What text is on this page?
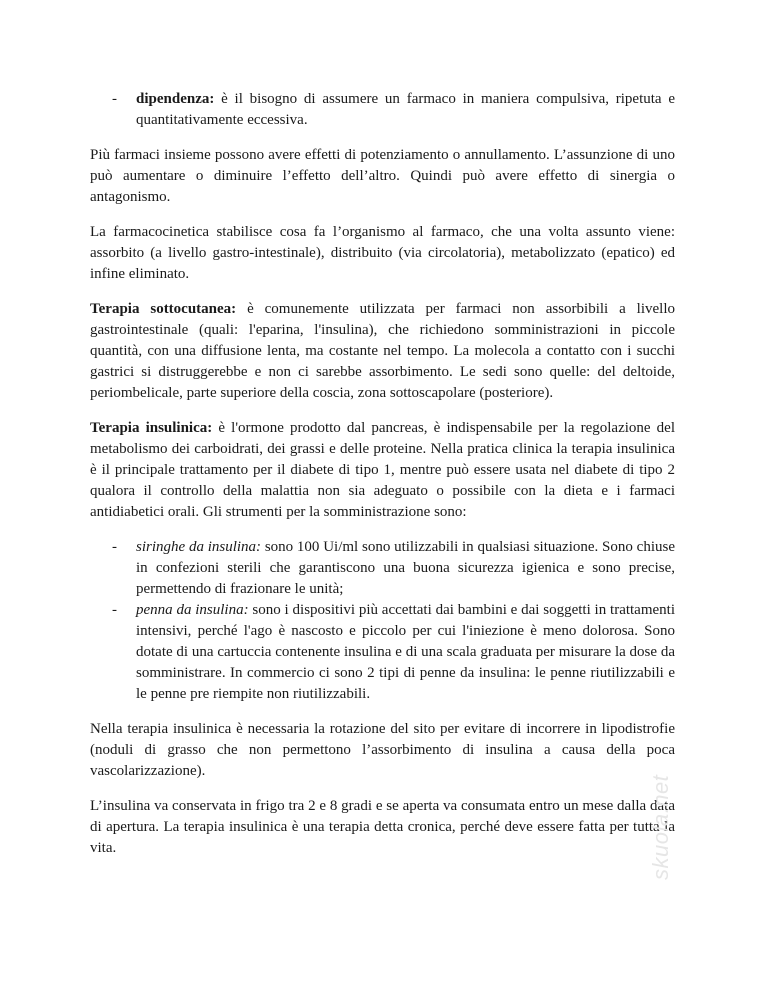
- dipendenza: è il bisogno di assumere un farmaco in maniera compulsiva, ripetuta e quantitativamente eccessiva.

Più farmaci insieme possono avere effetti di potenziamento o annullamento. L’assunzione di uno può aumentare o diminuire l’effetto dell’altro. Quindi può avere effetto di sinergia o antagonismo.

La farmacocinetica stabilisce cosa fa l’organismo al farmaco, che una volta assunto viene: assorbito (a livello gastro-intestinale), distribuito (via circolatoria), metabolizzato (epatico) ed infine eliminato.

Terapia sottocutanea: è comunemente utilizzata per farmaci non assorbibili a livello gastrointestinale (quali: l'eparina, l'insulina), che richiedono somministrazioni in piccole quantità, con una diffusione lenta, ma costante nel tempo. La molecola a contatto con i succhi gastrici si distruggerebbe e non ci sarebbe assorbimento. Le sedi sono quelle: del deltoide, periombelicale, parte superiore della coscia, zona sottoscapolare (posteriore).

Terapia insulinica: è l'ormone prodotto dal pancreas, è indispensabile per la regolazione del metabolismo dei carboidrati, dei grassi e delle proteine. Nella pratica clinica la terapia insulinica è il principale trattamento per il diabete di tipo 1, mentre può essere usata nel diabete di tipo 2 qualora il controllo della malattia non sia adeguato o possibile con la dieta e i farmaci antidiabetici orali. Gli strumenti per la somministrazione sono:

- siringhe da insulina: sono 100 Ui/ml sono utilizzabili in qualsiasi situazione. Sono chiuse in confezioni sterili che garantiscono una buona sicurezza igienica e sono precise, permettendo di frazionare le unità;
- penna da insulina: sono i dispositivi più accettati dai bambini e dai soggetti in trattamenti intensivi, perché l'ago è nascosto e piccolo per cui l'iniezione è meno dolorosa. Sono dotate di una cartuccia contenente insulina e di una scala graduata per misurare la dose da somministrare. In commercio ci sono 2 tipi di penne da insulina: le penne riutilizzabili e le penne pre riempite non riutilizzabili.

Nella terapia insulinica è necessaria la rotazione del sito per evitare di incorrere in lipodistrofie (noduli di grasso che non permettono l’assorbimento di insulina a causa della poca vascolarizzazione).

L’insulina va conservata in frigo tra 2 e 8 gradi e se aperta va consumata entro un mese dalla data di apertura. La terapia insulinica è una terapia detta cronica, perché deve essere fatta per tutta la vita.	skuola.net
